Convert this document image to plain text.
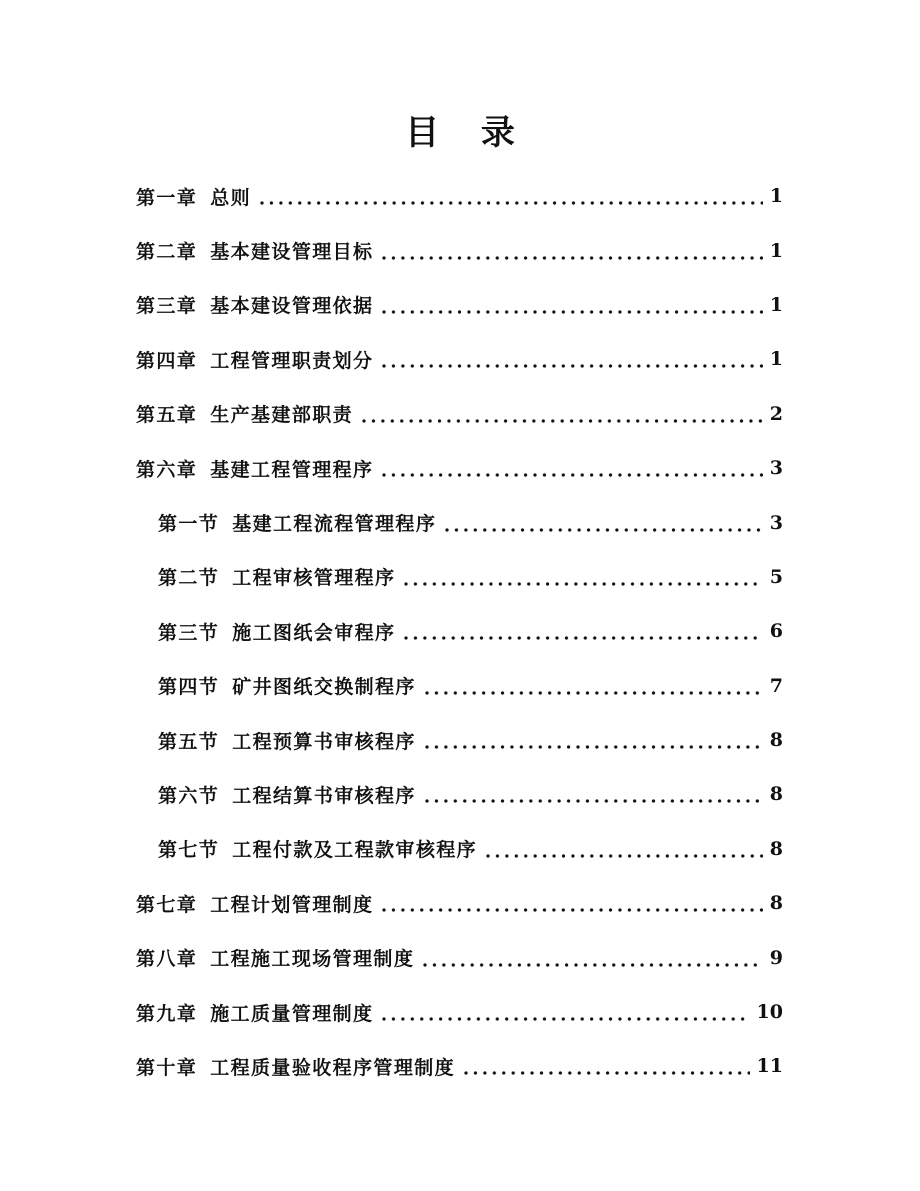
目 录
第一章 总则	1
第二章 基本建设管理目标	1
第三章 基本建设管理依据	1
第四章 工程管理职责划分	1
第五章 生产基建部职责	2
第六章 基建工程管理程序	3
第一节 基建工程流程管理程序	3
第二节 工程审核管理程序	5
第三节 施工图纸会审程序	6
第四节 矿井图纸交换制程序	7
第五节 工程预算书审核程序	8
第六节 工程结算书审核程序	8
第七节 工程付款及工程款审核程序	8
第七章 工程计划管理制度	8
第八章 工程施工现场管理制度	9
第九章 施工质量管理制度	10
第十章 工程质量验收程序管理制度	11
